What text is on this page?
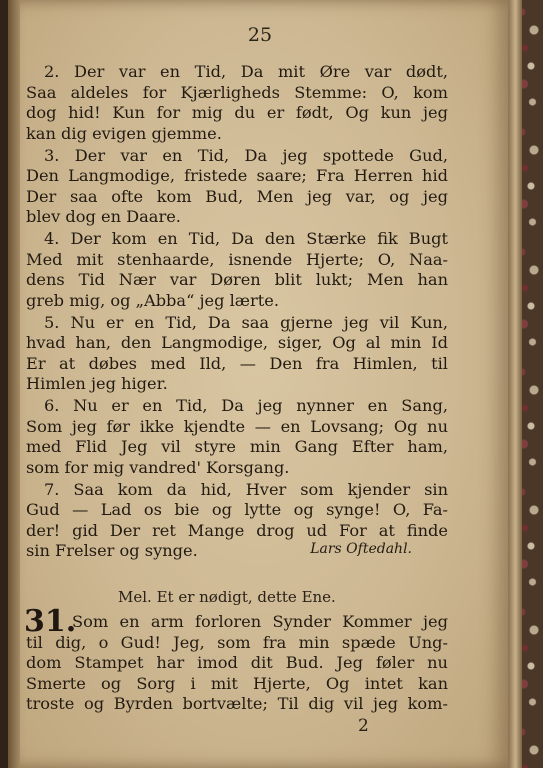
25
2. Der var en Tid, Da mit Øre var dødt,
Saa aldeles for Kjærligheds Stemme: O, kom
dog hid! Kun for mig du er født, Og kun jeg
kan dig evigen gjemme.
3. Der var en Tid, Da jeg spottede Gud,
Den Langmodige, fristede saare; Fra Herren hid
Der saa ofte kom Bud, Men jeg var, og jeg
blev dog en Daare.
4. Der kom en Tid, Da den Stærke fik Bugt
Med mit stenhaarde, isnende Hjerte; O, Naa-
dens Tid Nær var Døren blit lukt; Men han
greb mig, og „Abba“ jeg lærte.
5. Nu er en Tid, Da saa gjerne jeg vil Kun,
hvad han, den Langmodige, siger, Og al min Id
Er at døbes med Ild, — Den fra Himlen, til
Himlen jeg higer.
6. Nu er en Tid, Da jeg nynner en Sang,
Som jeg før ikke kjendte — en Lovsang; Og nu
med Flid Jeg vil styre min Gang Efter ham,
som for mig vandred' Korsgang.
7. Saa kom da hid, Hver som kjender sin
Gud — Lad os bie og lytte og synge! O, Fa-
der! gid Der ret Mange drog ud For at finde
sin Frelser og synge.	Lars Oftedahl.
Mel. Et er nødigt, dette Ene.
31.
Som en arm forloren Synder Kommer jeg
til dig, o Gud! Jeg, som fra min spæde Ung-
dom Stampet har imod dit Bud. Jeg føler nu
Smerte og Sorg i mit Hjerte, Og intet kan
troste og Byrden bortvælte; Til dig vil jeg kom-
2
